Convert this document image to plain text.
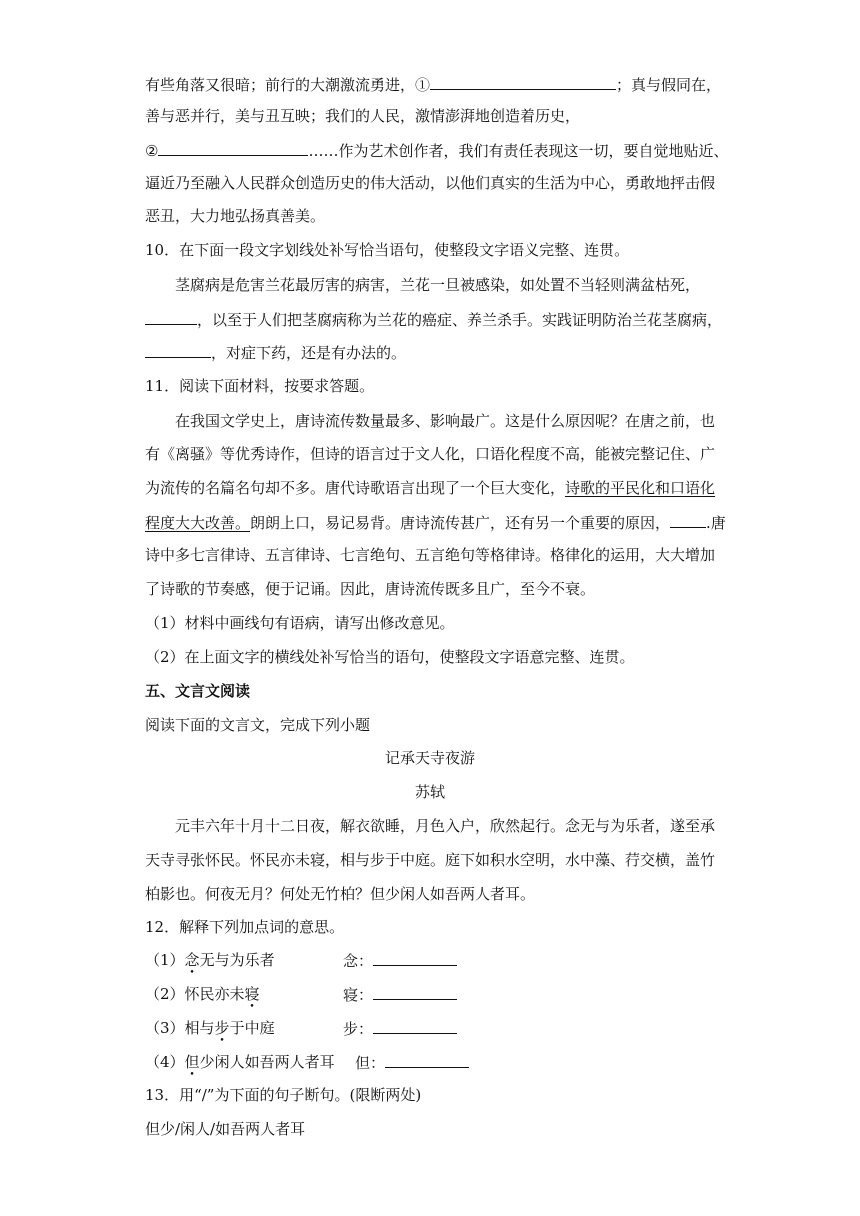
有些角落又很暗；前行的大潮激流勇进，①	；真与假同在，
善与恶并行，美与丑互映；我们的人民，激情澎湃地创造着历史，
②	……作为艺术创作者，我们有责任表现这一切，要自觉地贴近、
逼近乃至融入人民群众创造历史的伟大活动，以他们真实的生活为中心，勇敢地抨击假
恶丑，大力地弘扬真善美。
10．在下面一段文字划线处补写恰当语句，使整段文字语义完整、连贯。
茎腐病是危害兰花最厉害的病害，兰花一旦被感染，如处置不当轻则满盆枯死，
，以至于人们把茎腐病称为兰花的癌症、养兰杀手。实践证明防治兰花茎腐病，
，对症下药，还是有办法的。
11．阅读下面材料，按要求答题。
在我国文学史上，唐诗流传数量最多、影响最广。这是什么原因呢？在唐之前，也
有《离骚》等优秀诗作，但诗的语言过于文人化，口语化程度不高，能被完整记住、广
为流传的名篇名句却不多。唐代诗歌语言出现了一个巨大变化，诗歌的平民化和口语化
程度大大改善。朗朗上口，易记易背。唐诗流传甚广，还有另一个重要的原因， .唐
诗中多七言律诗、五言律诗、七言绝句、五言绝句等格律诗。格律化的运用，大大增加
了诗歌的节奏感，便于记诵。因此，唐诗流传既多且广，至今不衰。
（1）材料中画线句有语病，请写出修改意见。
（2）在上面文字的横线处补写恰当的语句，使整段文字语意完整、连贯。
五、文言文阅读
阅读下面的文言文，完成下列小题
记承天寺夜游
苏轼
元丰六年十月十二日夜，解衣欲睡，月色入户，欣然起行。念无与为乐者，遂至承
天寺寻张怀民。怀民亦未寝，相与步于中庭。庭下如积水空明，水中藻、荇交横，盖竹
柏影也。何夜无月？何处无竹柏？但少闲人如吾两人者耳。
12．解释下列加点词的意思。
（1）念无与为乐者	念：
（2）怀民亦未寝	寝：
（3）相与步于中庭	步：
（4）但少闲人如吾两人者耳 但：
13．用“/”为下面的句子断句。(限断两处)
但少/闲人/如吾两人者耳
